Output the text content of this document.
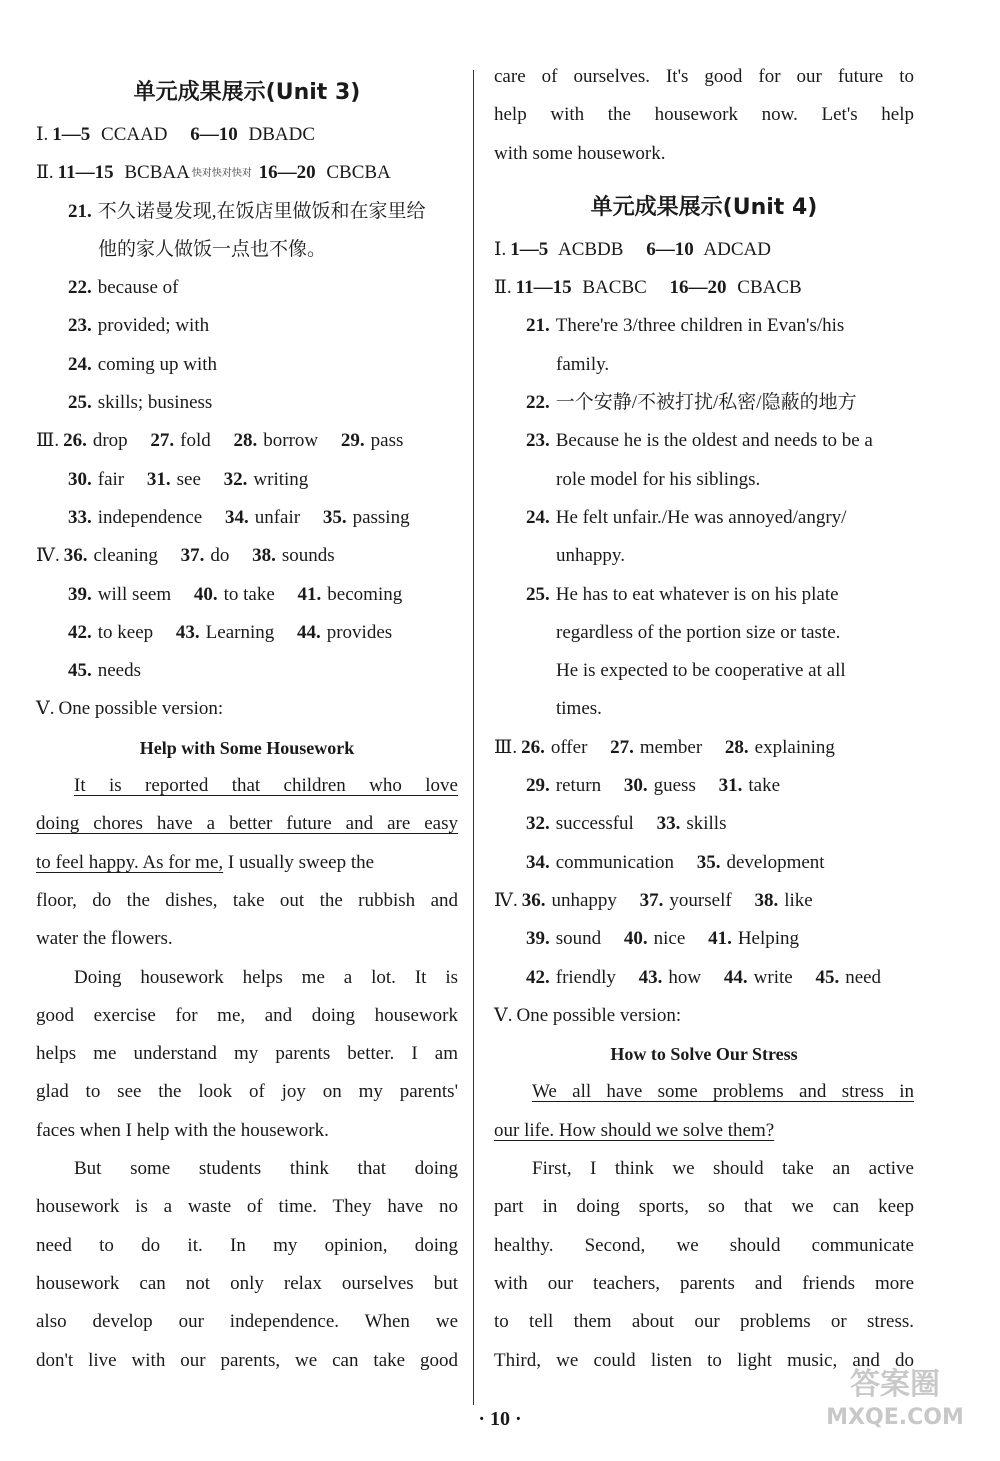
单元成果展示(Unit 3)
Ⅰ. 1—5 CCAAD 6—10 DBADC
Ⅱ. 11—15 BCBAA 快对快对快对 16—20 CBCBA
21. 不久诺曼发现,在饭店里做饭和在家里给
他的家人做饭一点也不像。
22. because of
23. provided; with
24. coming up with
25. skills; business
Ⅲ. 26. drop 27. fold 28. borrow 29. pass
30. fair 31. see 32. writing
33. independence 34. unfair 35. passing
Ⅳ. 36. cleaning 37. do 38. sounds
39. will seem 40. to take 41. becoming
42. to keep 43. Learning 44. provides
45. needs
Ⅴ. One possible version:
Help with Some Housework
It is reported that children who love
doing chores have a better future and are easy
to feel happy. As for me, I usually sweep the
floor, do the dishes, take out the rubbish and
water the flowers.
Doing housework helps me a lot. It is
good exercise for me, and doing housework
helps me understand my parents better. I am
glad to see the look of joy on my parents'
faces when I help with the housework.
But some students think that doing
housework is a waste of time. They have no
need to do it. In my opinion, doing
housework can not only relax ourselves but
also develop our independence. When we
don't live with our parents, we can take good
care of ourselves. It's good for our future to
help with the housework now. Let's help
with some housework.
单元成果展示(Unit 4)
Ⅰ. 1—5 ACBDB 6—10 ADCAD
Ⅱ. 11—15 BACBC 16—20 CBACB
21. There're 3/three children in Evan's/his
family.
22. 一个安静/不被打扰/私密/隐蔽的地方
23. Because he is the oldest and needs to be a
role model for his siblings.
24. He felt unfair./He was annoyed/angry/
unhappy.
25. He has to eat whatever is on his plate
regardless of the portion size or taste.
He is expected to be cooperative at all
times.
Ⅲ. 26. offer 27. member 28. explaining
29. return 30. guess 31. take
32. successful 33. skills
34. communication 35. development
Ⅳ. 36. unhappy 37. yourself 38. like
39. sound 40. nice 41. Helping
42. friendly 43. how 44. write 45. need
Ⅴ. One possible version:
How to Solve Our Stress
We all have some problems and stress in
our life. How should we solve them?
First, I think we should take an active
part in doing sports, so that we can keep
healthy. Second, we should communicate
with our teachers, parents and friends more
to tell them about our problems or stress.
Third, we could listen to light music, and do
· 10 ·
答案圈
MXQE.COM
